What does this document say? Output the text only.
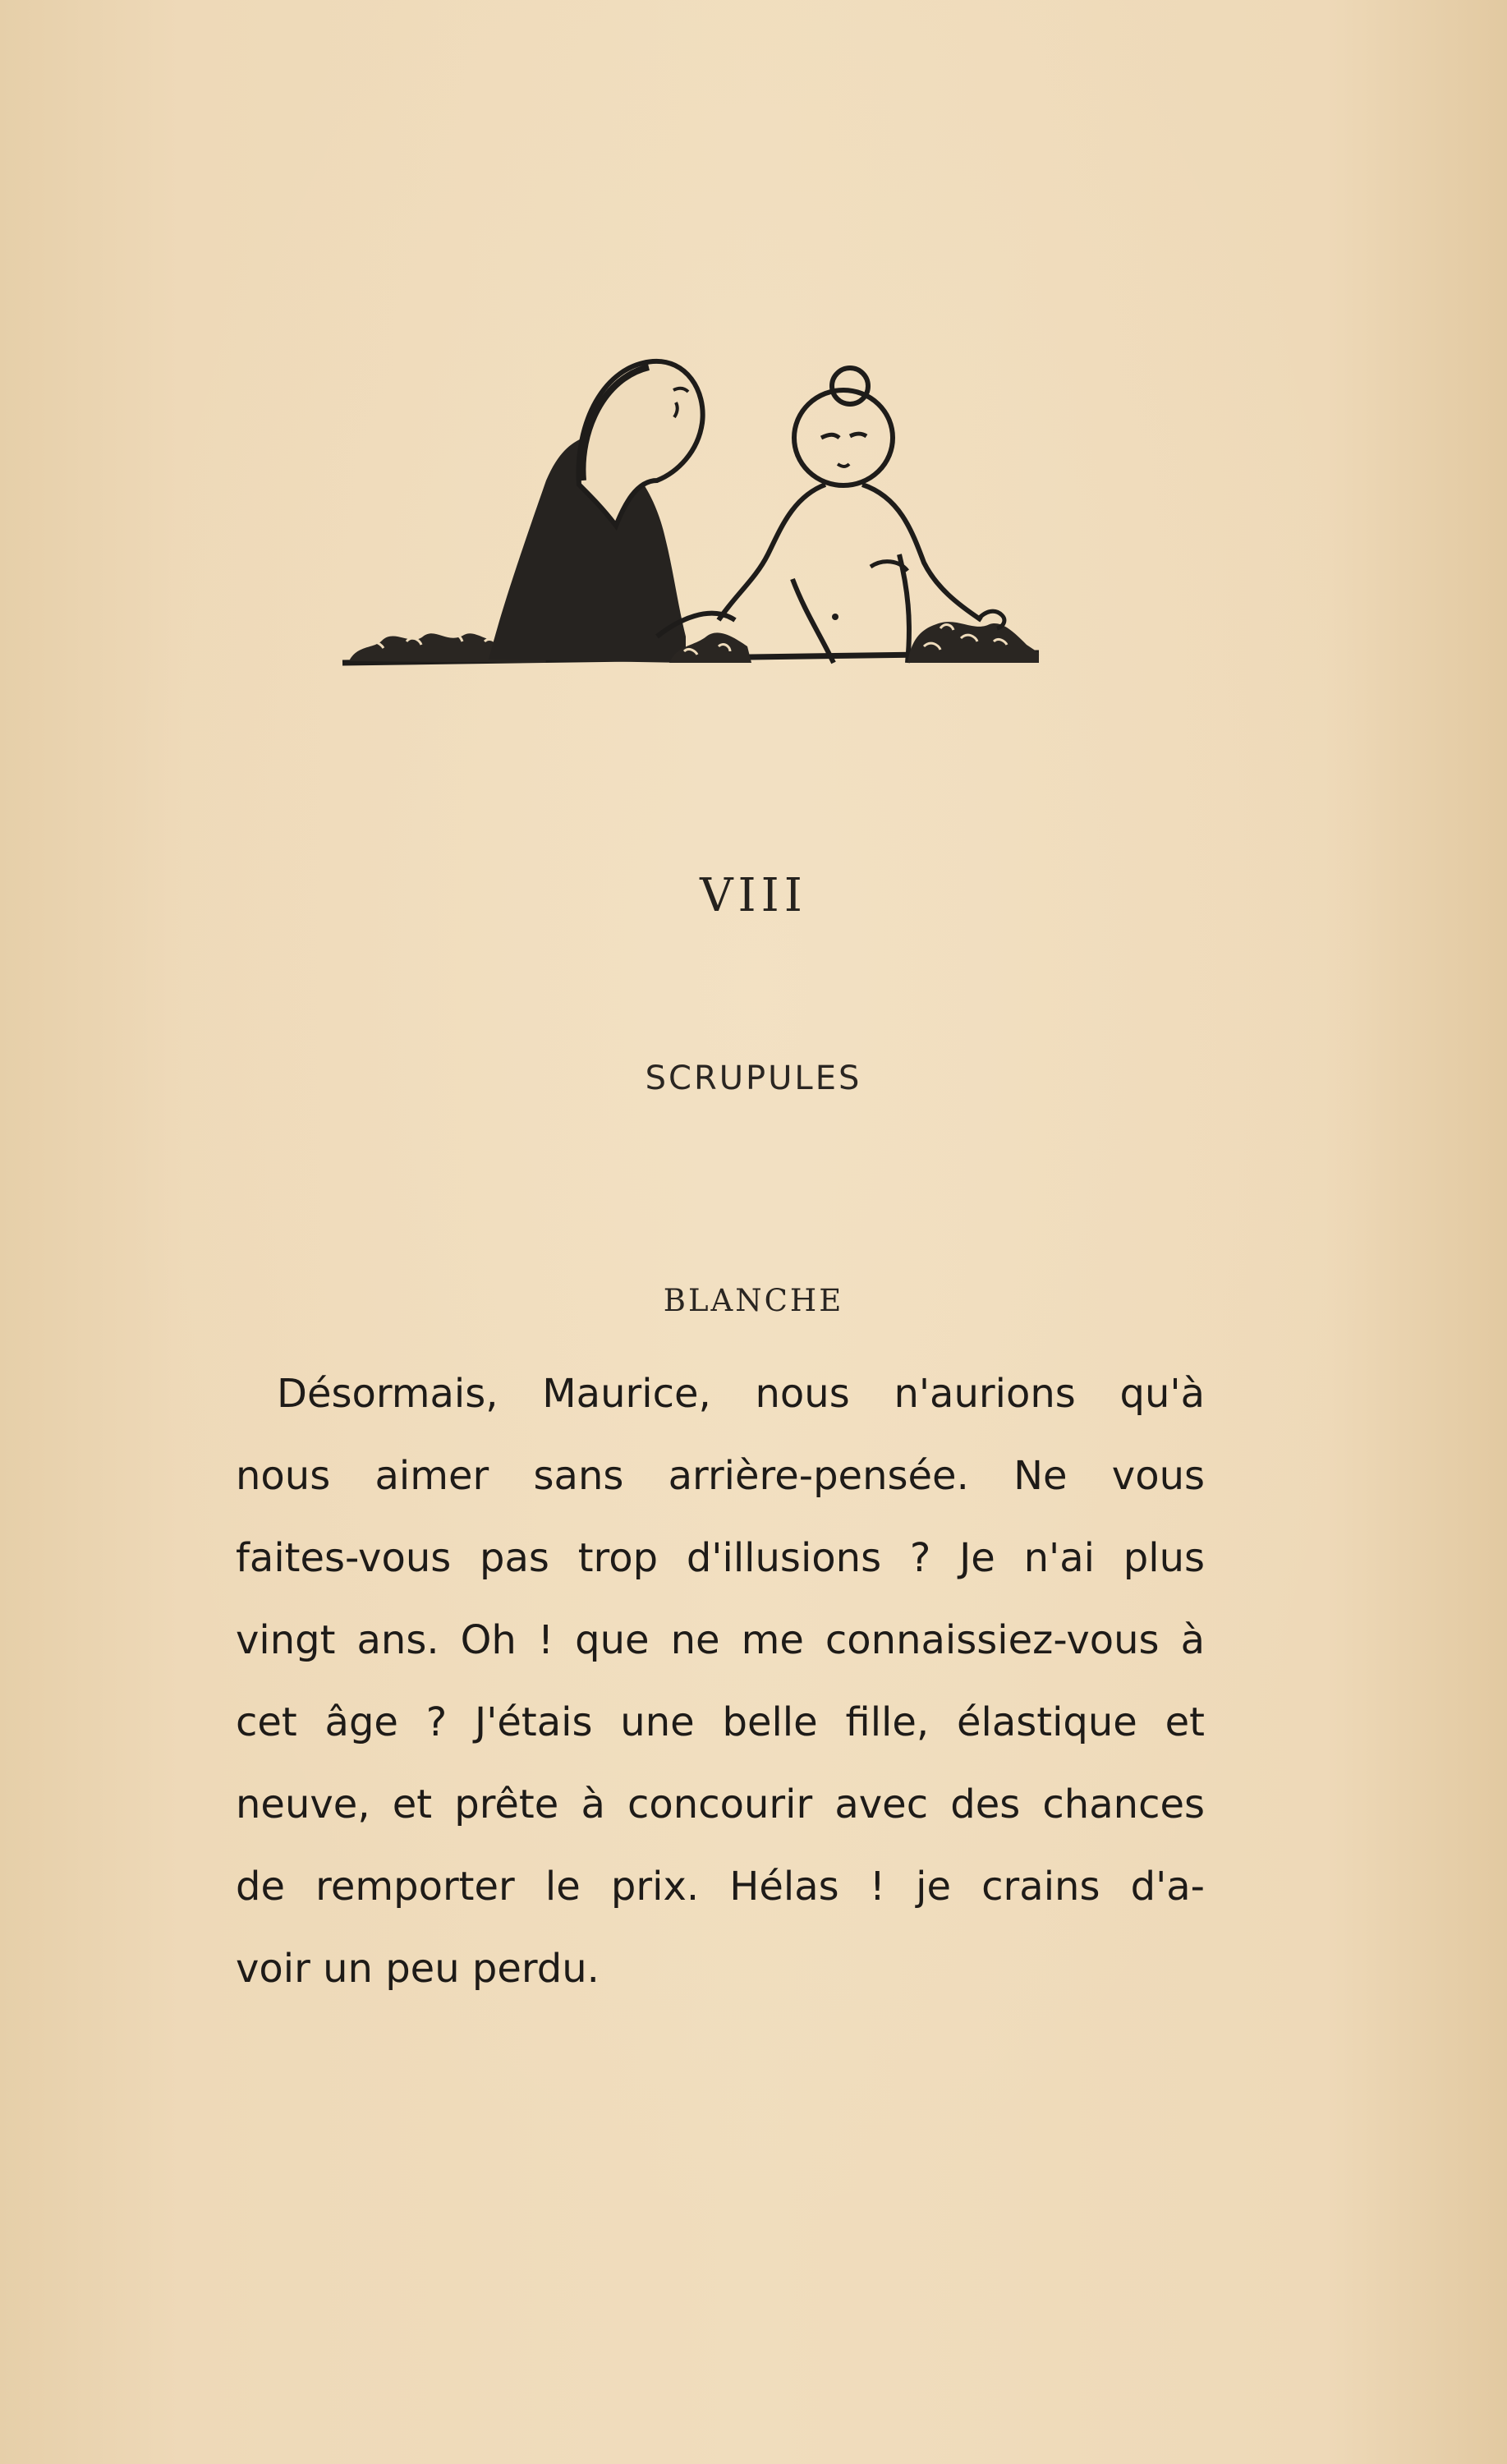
VIII
SCRUPULES
BLANCHE
Désormais, Maurice, nous n'aurions qu'à
nous aimer sans arrière-pensée. Ne vous
faites-vous pas trop d'illusions ? Je n'ai plus
vingt ans. Oh ! que ne me connaissiez-vous à
cet âge ? J'étais une belle fille, élastique et
neuve, et prête à concourir avec des chances
de remporter le prix. Hélas ! je crains d'a-
voir un peu perdu.
